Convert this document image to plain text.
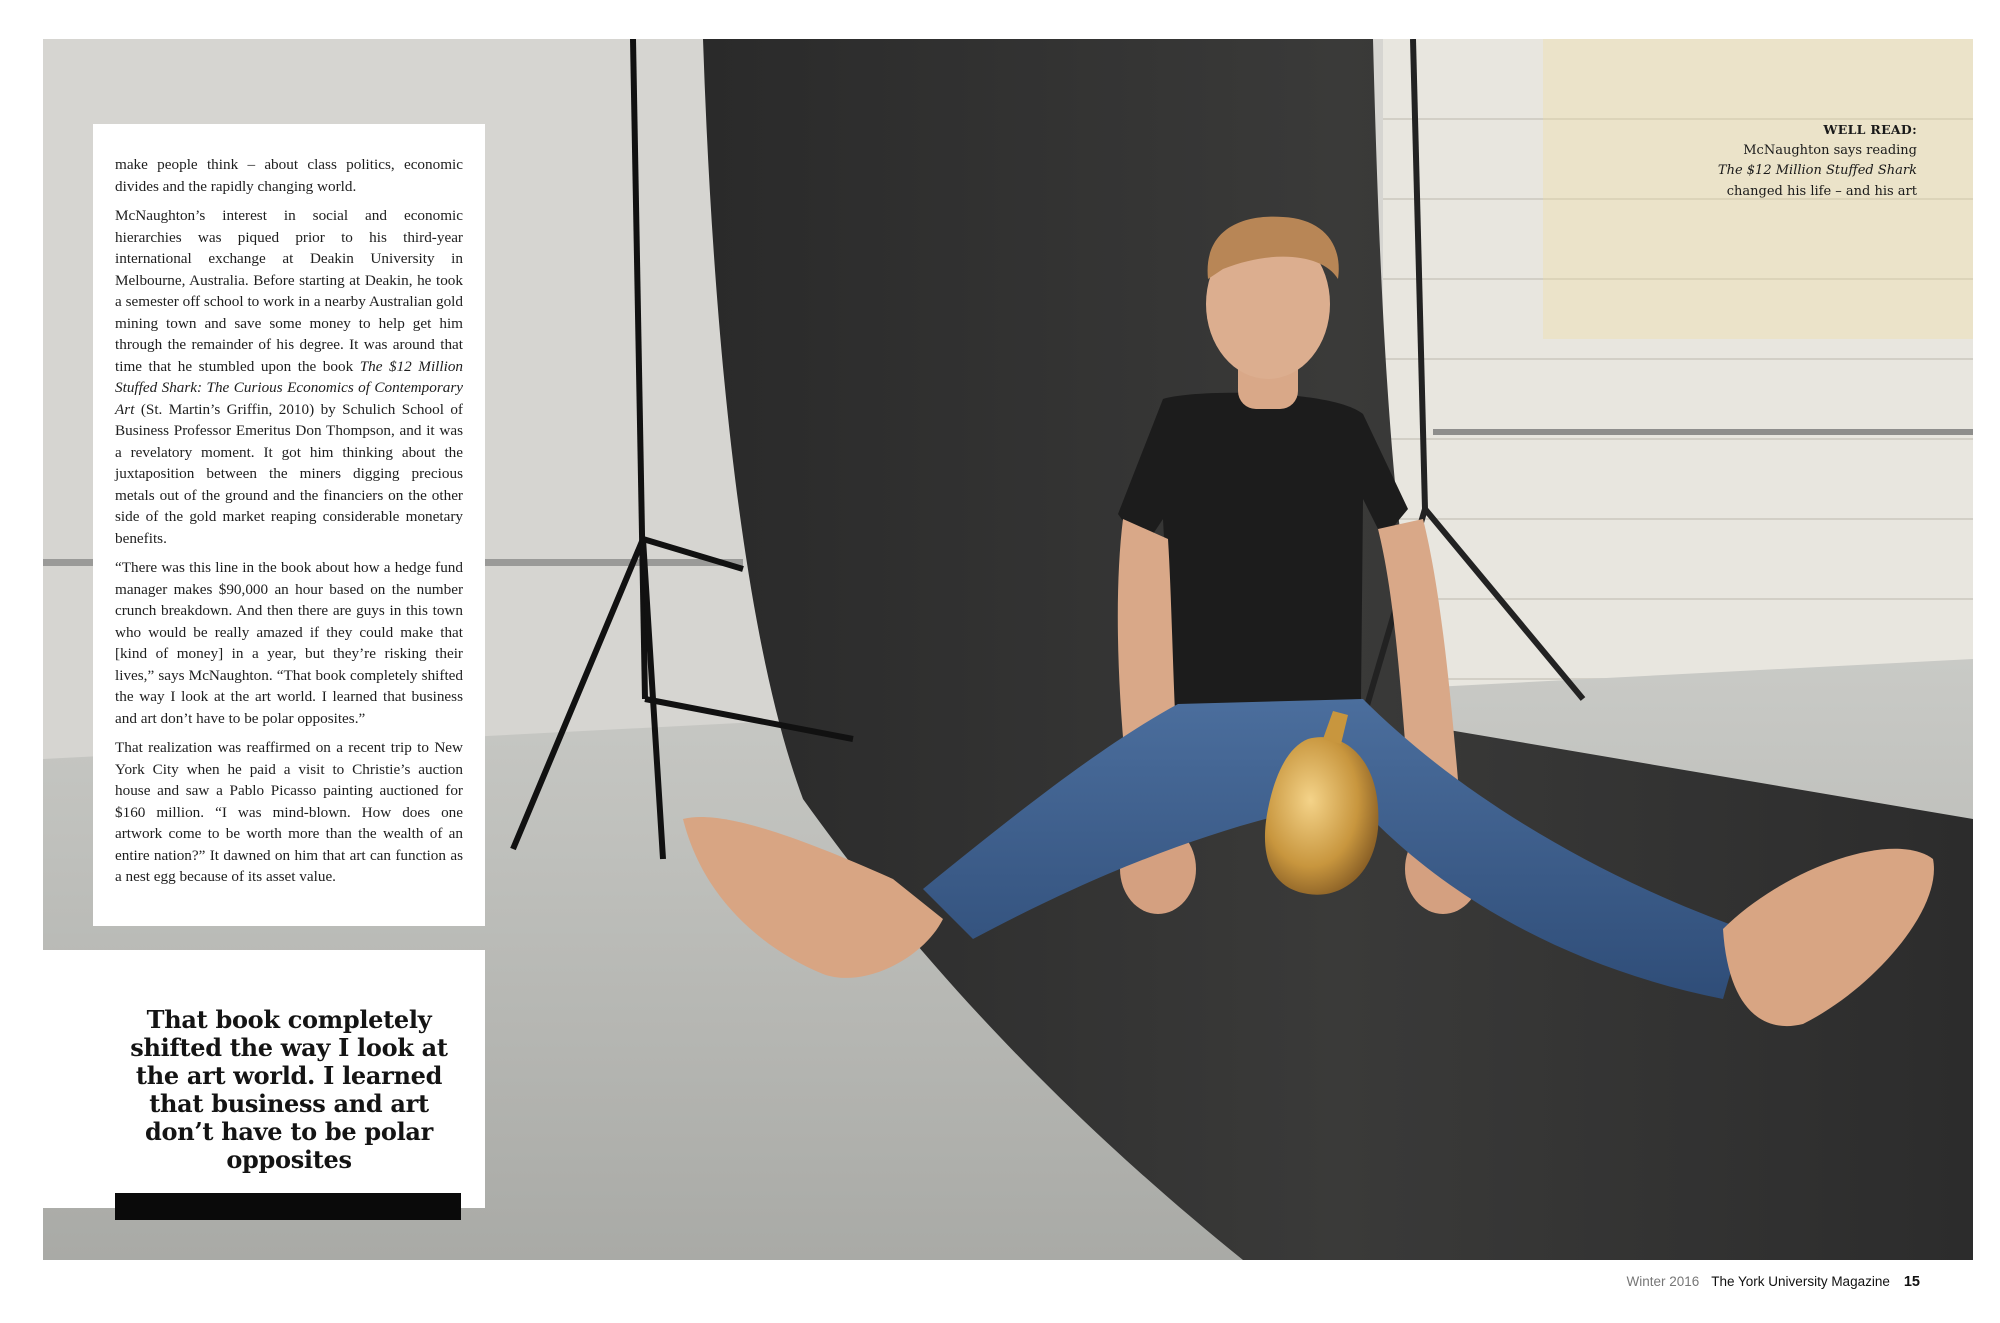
make people think – about class politics, economic divides and the rapidly changing world.

McNaughton’s interest in social and economic hierarchies was piqued prior to his third-year international exchange at Deakin University in Melbourne, Australia. Before starting at Deakin, he took a semester off school to work in a nearby Australian gold mining town and save some money to help get him through the remainder of his degree. It was around that time that he stumbled upon the book The $12 Million Stuffed Shark: The Curious Economics of Contemporary Art (St. Martin’s Griffin, 2010) by Schulich School of Business Professor Emeritus Don Thompson, and it was a revelatory moment. It got him thinking about the juxtaposition between the miners digging precious metals out of the ground and the financiers on the other side of the gold market reaping considerable monetary benefits.

“There was this line in the book about how a hedge fund manager makes $90,000 an hour based on the number crunch breakdown. And then there are guys in this town who would be really amazed if they could make that [kind of money] in a year, but they’re risking their lives,” says McNaughton. “That book completely shifted the way I look at the art world. I learned that business and art don’t have to be polar opposites.”

That realization was reaffirmed on a recent trip to New York City when he paid a visit to Christie’s auction house and saw a Pablo Picasso painting auctioned for $160 million. “I was mind-blown. How does one artwork come to be worth more than the wealth of an entire nation?” It dawned on him that art can function as a nest egg because of its asset value.

That book completely shifted the way I look at the art world. I learned that business and art don’t have to be polar opposites
WELL READ:
McNaughton says reading
The $12 Million Stuffed Shark
changed his life – and his art
Winter 2016 The York University Magazine 15
